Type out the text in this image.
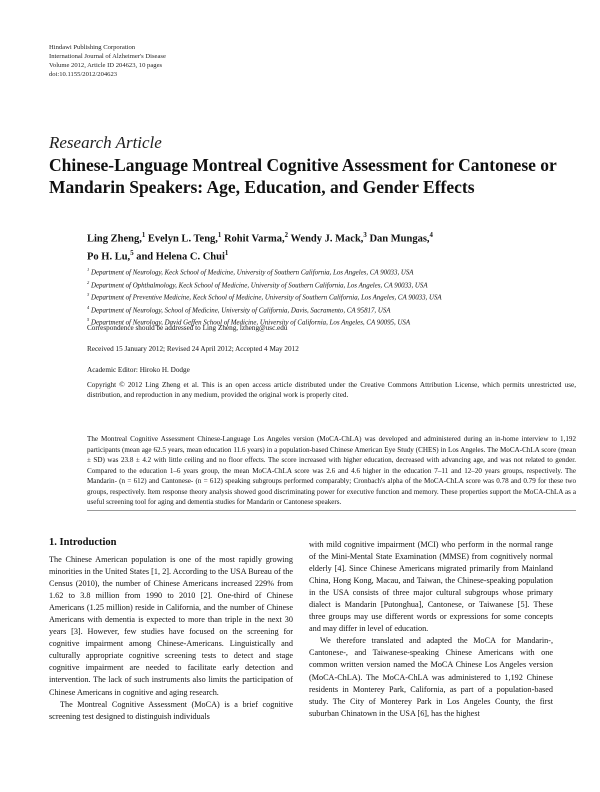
Hindawi Publishing Corporation
International Journal of Alzheimer's Disease
Volume 2012, Article ID 204623, 10 pages
doi:10.1155/2012/204623
Research Article
Chinese-Language Montreal Cognitive Assessment for Cantonese or Mandarin Speakers: Age, Education, and Gender Effects
Ling Zheng,$^1$ Evelyn L. Teng,$^1$ Rohit Varma,$^2$ Wendy J. Mack,$^3$ Dan Mungas,$^4$
Po H. Lu,$^5$ and Helena C. Chui$^1$
$^1$ Department of Neurology, Keck School of Medicine, University of Southern California, Los Angeles, CA 90033, USA
$^2$ Department of Ophthalmology, Keck School of Medicine, University of Southern California, Los Angeles, CA 90033, USA
$^3$ Department of Preventive Medicine, Keck School of Medicine, University of Southern California, Los Angeles, CA 90033, USA
$^4$ Department of Neurology, School of Medicine, University of California, Davis, Sacramento, CA 95817, USA
$^5$ Department of Neurology, David Geffen School of Medicine, University of California, Los Angeles, CA 90095, USA
Correspondence should be addressed to Ling Zheng, lzheng@usc.edu
Received 15 January 2012; Revised 24 April 2012; Accepted 4 May 2012
Academic Editor: Hiroko H. Dodge
Copyright © 2012 Ling Zheng et al. This is an open access article distributed under the Creative Commons Attribution License, which permits unrestricted use, distribution, and reproduction in any medium, provided the original work is properly cited.
The Montreal Cognitive Assessment Chinese-Language Los Angeles version (MoCA-ChLA) was developed and administered during an in-home interview to 1,192 participants (mean age 62.5 years, mean education 11.6 years) in a population-based Chinese American Eye Study (CHES) in Los Angeles. The MoCA-ChLA score (mean ± SD) was 23.8 ± 4.2 with little ceiling and no floor effects. The score increased with higher education, decreased with advancing age, and was not related to gender. Compared to the education 1–6 years group, the mean MoCA-ChLA score was 2.6 and 4.6 higher in the education 7–11 and 12–20 years groups, respectively. The Mandarin- (n = 612) and Cantonese- (n = 612) speaking subgroups performed comparably; Cronbach's alpha of the MoCA-ChLA score was 0.78 and 0.79 for these two groups, respectively. Item response theory analysis showed good discriminating power for executive function and memory. These properties support the MoCA-ChLA as a useful screening tool for aging and dementia studies for Mandarin or Cantonese speakers.
1. Introduction

The Chinese American population is one of the most rapidly growing minorities in the United States [1, 2]. According to the USA Bureau of the Census (2010), the number of Chinese Americans increased 229% from 1.62 to 3.8 million from 1990 to 2010 [2]. One-third of Chinese Americans (1.25 million) reside in California, and the number of Chinese Americans with dementia is expected to more than triple in the next 30 years [3]. However, few studies have focused on the screening for cognitive impairment among Chinese-Americans. Linguistically and culturally appropriate cognitive screening tests to detect and stage cognitive impairment are needed to facilitate early detection and intervention. The lack of such instruments also limits the participation of Chinese Americans in cognitive and aging research.

The Montreal Cognitive Assessment (MoCA) is a brief cognitive screening test designed to distinguish individuals

with mild cognitive impairment (MCI) who perform in the normal range of the Mini-Mental State Examination (MMSE) from cognitively normal elderly [4]. Since Chinese Americans migrated primarily from Mainland China, Hong Kong, Macau, and Taiwan, the Chinese-speaking population in the USA consists of three major cultural subgroups whose primary dialect is Mandarin [Putonghua], Cantonese, or Taiwanese [5]. These three groups may use different words or expressions for some concepts and may differ in level of education.

We therefore translated and adapted the MoCA for Mandarin-, Cantonese-, and Taiwanese-speaking Chinese Americans with one common written version named the MoCA Chinese Los Angeles version (MoCA-ChLA). The MoCA-ChLA was administered to 1,192 Chinese residents in Monterey Park, California, as part of a population-based study. The City of Monterey Park in Los Angeles County, the first suburban Chinatown in the USA [6], has the highest
